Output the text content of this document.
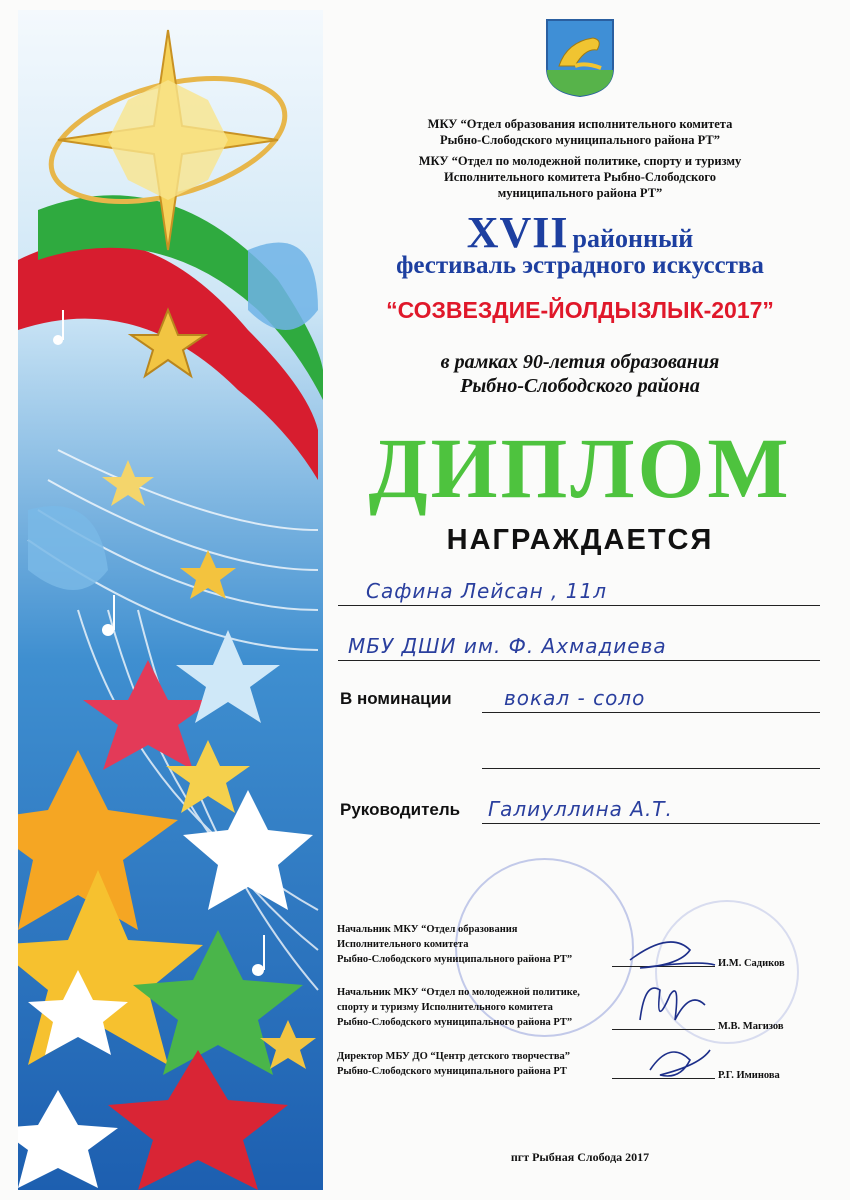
МКУ “Отдел образования исполнительного комитета
Рыбно-Слободского муниципального района РТ”
МКУ “Отдел по молодежной политике, спорту и туризму
Исполнительного комитета Рыбно-Слободского
муниципального района РТ”
XVII районный
фестиваль эстрадного искусства
“СОЗВЕЗДИЕ-ЙОЛДЫЗЛЫК-2017”
в рамках 90-летия образования
Рыбно-Слободского района
ДИПЛОМ
НАГРАЖДАЕТСЯ
Сафина Лейсан , 11л
МБУ ДШИ им. Ф. Ахмадиева
В номинации	вокал - соло
Руководитель Галиуллина А.Т.
Начальник МКУ “Отдел образования
Исполнительного комитета
Рыбно-Слободского муниципального района РТ”	И.М. Садиков
Начальник МКУ “Отдел по молодежной политике,
спорту и туризму Исполнительного комитета
Рыбно-Слободского муниципального района РТ”	М.В. Магизов
Директор МБУ ДО “Центр детского творчества”
Рыбно-Слободского муниципального района РТ	Р.Г. Иминова
пгт Рыбная Слобода 2017
